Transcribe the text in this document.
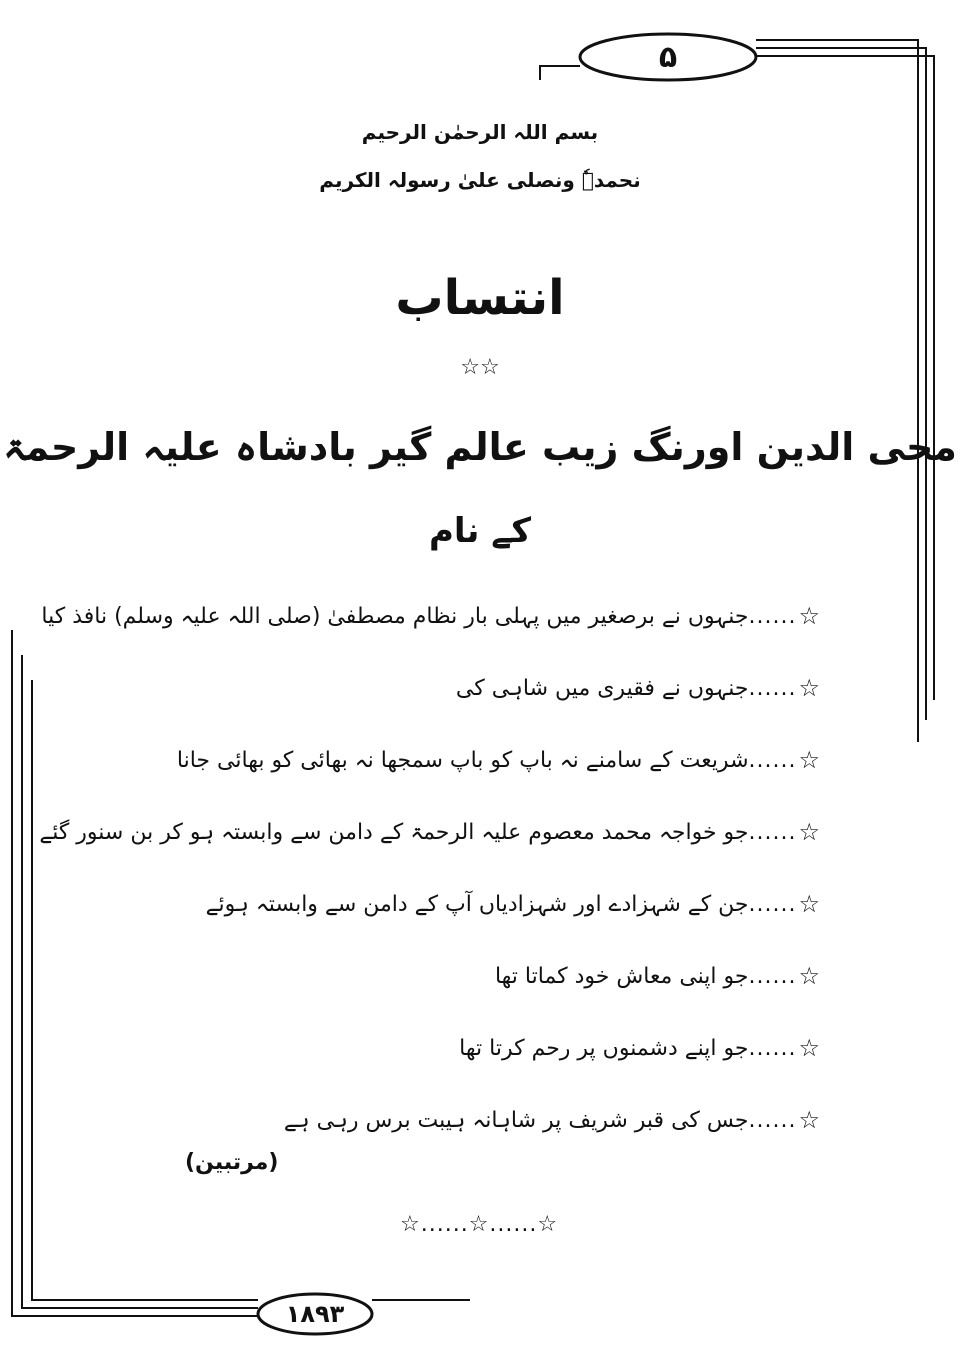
۵
بسم اللہ الرحمٰن الرحیم
نحمدہٗ ونصلی علیٰ رسولہ الکریم
انتساب
☆☆
محی الدین اورنگ زیب عالم گیر بادشاہ علیہ الرحمۃ
کے نام
☆
......
جنہوں نے برصغیر میں پہلی بار نظام مصطفیٰ (صلی اللہ علیہ وسلم) نافذ کیا
☆
......
جنہوں نے فقیری میں شاہی کی
☆
......
شریعت کے سامنے نہ باپ کو باپ سمجھا نہ بھائی کو بھائی جانا
☆
......
جو خواجہ محمد معصوم علیہ الرحمۃ کے دامن سے وابستہ ہو کر بن سنور گئے
☆
......
جن کے شہزادے اور شہزادیاں آپ کے دامن سے وابستہ ہوئے
☆
......
جو اپنی معاش خود کماتا تھا
☆
......
جو اپنے دشمنوں پر رحم کرتا تھا
☆
......
جس کی قبر شریف پر شاہانہ ہیبت برس رہی ہے
(مرتبین)
☆......☆......☆
۱۸۹۳
